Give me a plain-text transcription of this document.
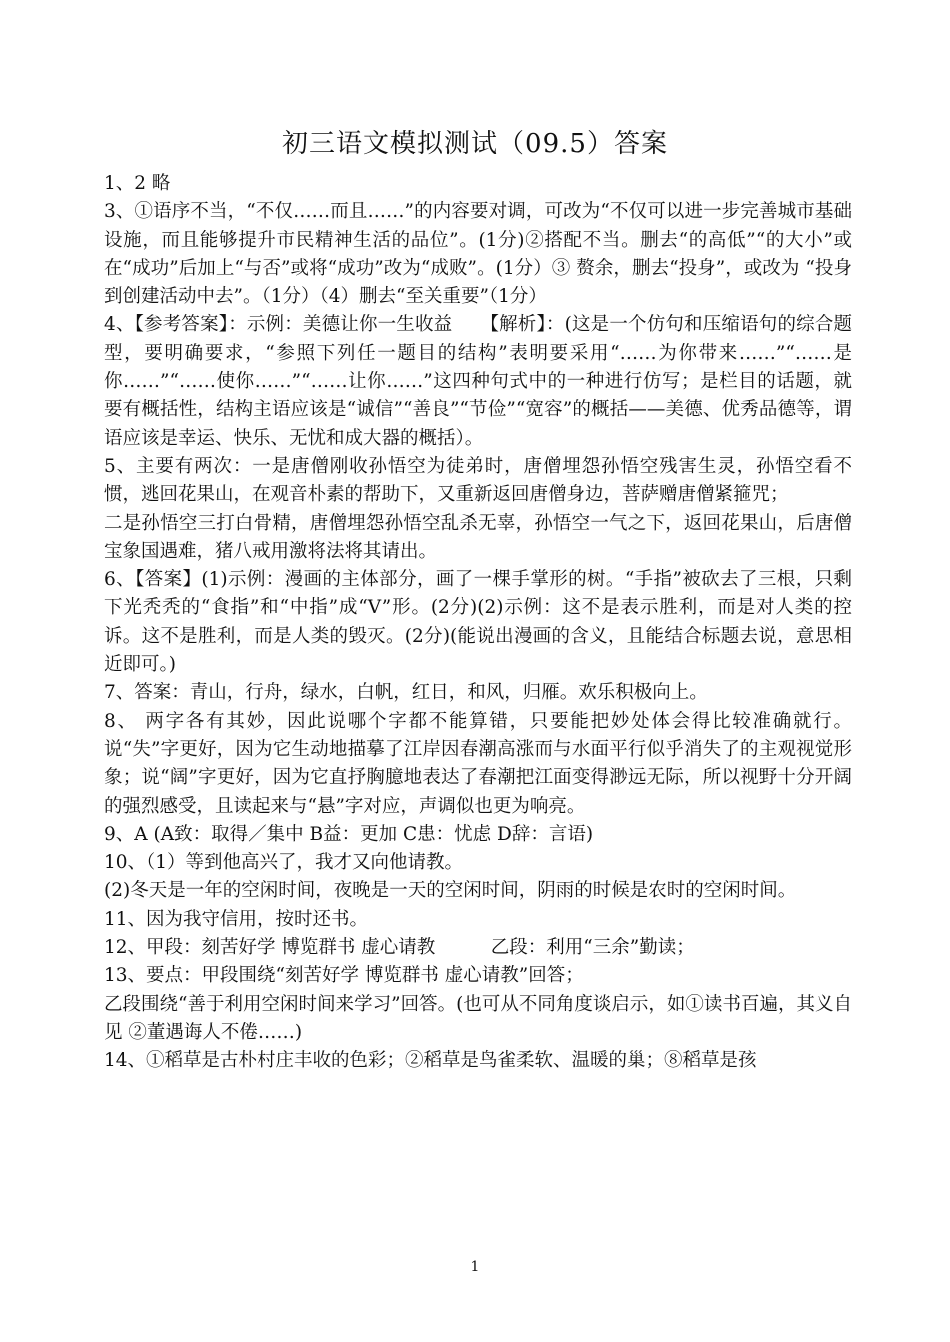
初三语文模拟测试（09.5）答案

1、2 略

3、①语序不当，“不仅……而且……”的内容要对调，可改为“不仅可以进一步完善城市基础设施，而且能够提升市民精神生活的品位”。(1分)②搭配不当。删去“的高低”“的大小”或在“成功”后加上“与否”或将“成功”改为“成败”。(1分）③ 赘余，删去“投身”，或改为 “投身到创建活动中去”。（1分）（4）删去“至关重要”（1分）

4、【参考答案】：示例：美德让你一生收益　　【解析】：(这是一个仿句和压缩语句的综合题型，要明确要求，“参照下列任一题目的结构”表明要采用“……为你带来……”“……是你……”“……使你……”“……让你……”这四种句式中的一种进行仿写；是栏目的话题，就要有概括性，结构主语应该是“诚信”“善良”“节俭”“宽容”的概括——美德、优秀品德等，谓语应该是幸运、快乐、无忧和成大器的概括）。

5、主要有两次：一是唐僧刚收孙悟空为徒弟时，唐僧埋怨孙悟空残害生灵，孙悟空看不惯，逃回花果山，在观音朴素的帮助下，又重新返回唐僧身边，菩萨赠唐僧紧箍咒；

二是孙悟空三打白骨精，唐僧埋怨孙悟空乱杀无辜，孙悟空一气之下，返回花果山，后唐僧宝象国遇难，猪八戒用激将法将其请出。

6、【答案】(1)示例：漫画的主体部分，画了一棵手掌形的树。“手指”被砍去了三根，只剩下光秃秃的“食指”和“中指”成“V”形。(2分)(2)示例：这不是表示胜利，而是对人类的控诉。这不是胜利，而是人类的毁灭。(2分)(能说出漫画的含义，且能结合标题去说，意思相近即可。)

7、答案：青山，行舟，绿水，白帆，红日，和风，归雁。欢乐积极向上。

8、 两字各有其妙，因此说哪个字都不能算错，只要能把妙处体会得比较准确就行。说“失”字更好，因为它生动地描摹了江岸因春潮高涨而与水面平行似乎消失了的主观视觉形象；说“阔”字更好，因为它直抒胸臆地表达了春潮把江面变得渺远无际，所以视野十分开阔的强烈感受，且读起来与“悬”字对应，声调似也更为响亮。

9、A (A致：取得／集中 B益：更加 C患：忧虑 D辞：言语)

10、（1）等到他高兴了，我才又向他请教。

(2)冬天是一年的空闲时间，夜晚是一天的空闲时间，阴雨的时候是农时的空闲时间。

11、因为我守信用，按时还书。

12、甲段：刻苦好学 博览群书 虚心请教　　　乙段：利用“三余”勤读；

13、要点：甲段围绕“刻苦好学 博览群书 虚心请教”回答；

乙段围绕“善于利用空闲时间来学习”回答。(也可从不同角度谈启示，如①读书百遍，其义自见 ②董遇诲人不倦……)

14、①稻草是古朴村庄丰收的色彩；②稻草是鸟雀柔软、温暖的巢；⑧稻草是孩

1
